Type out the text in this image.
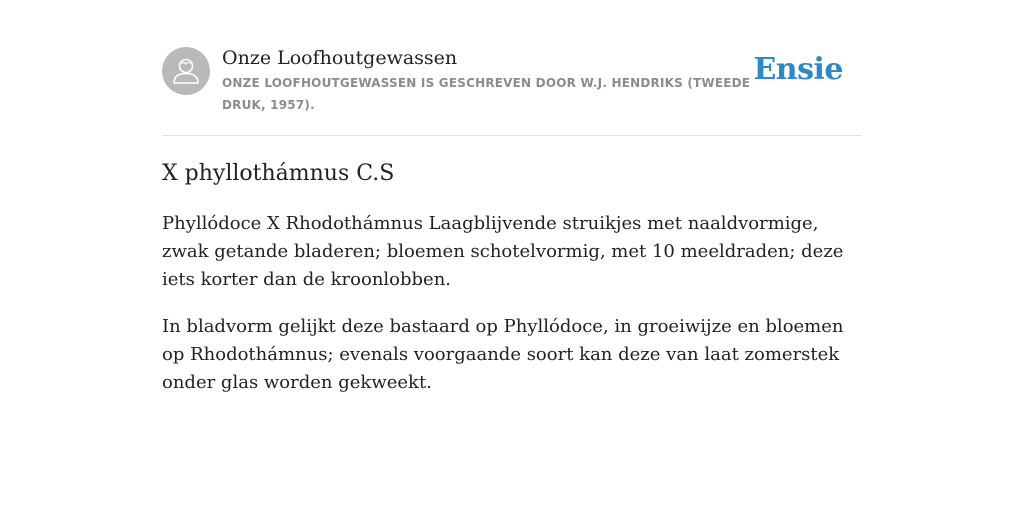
Onze Loofhoutgewassen

ONZE LOOFHOUTGEWASSEN IS GESCHREVEN DOOR W.J. HENDRIKS (TWEEDE DRUK, 1957).

Ensie
X phyllothámnus C.S

Phyllódoce X Rhodothámnus Laagblijvende struikjes met naaldvormige, zwak getande bladeren; bloemen schotelvormig, met 10 meeldraden; deze iets korter dan de kroonlobben.

In bladvorm gelijkt deze bastaard op Phyllódoce, in groeiwijze en bloemen op Rhodothámnus; evenals voorgaande soort kan deze van laat zomerstek onder glas worden gekweekt.
